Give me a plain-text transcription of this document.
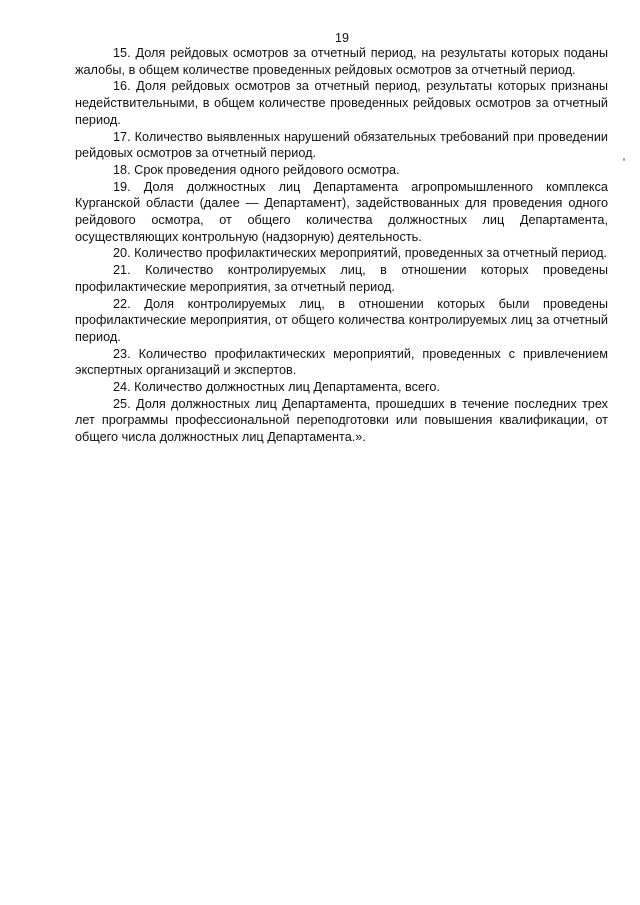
19

15. Доля рейдовых осмотров за отчетный период, на результаты которых поданы жалобы, в общем количестве проведенных рейдовых осмотров за отчетный период.

16. Доля рейдовых осмотров за отчетный период, результаты которых признаны недействительными, в общем количестве проведенных рейдовых осмотров за отчетный период.

17. Количество выявленных нарушений обязательных требований при проведении рейдовых осмотров за отчетный период.

18. Срок проведения одного рейдового осмотра.

19. Доля должностных лиц Департамента агропромышленного комплекса Курганской области (далее — Департамент), задействованных для проведения одного рейдового осмотра, от общего количества должностных лиц Департамента, осуществляющих контрольную (надзорную) деятельность.

20. Количество профилактических мероприятий, проведенных за отчетный период.

21. Количество контролируемых лиц, в отношении которых проведены профилактические мероприятия, за отчетный период.

22. Доля контролируемых лиц, в отношении которых были проведены профилактические мероприятия, от общего количества контролируемых лиц за отчетный период.

23. Количество профилактических мероприятий, проведенных с привлечением экспертных организаций и экспертов.

24. Количество должностных лиц Департамента, всего.

25. Доля должностных лиц Департамента, прошедших в течение последних трех лет программы профессиональной переподготовки или повышения квалификации, от общего числа должностных лиц Департамента.».
